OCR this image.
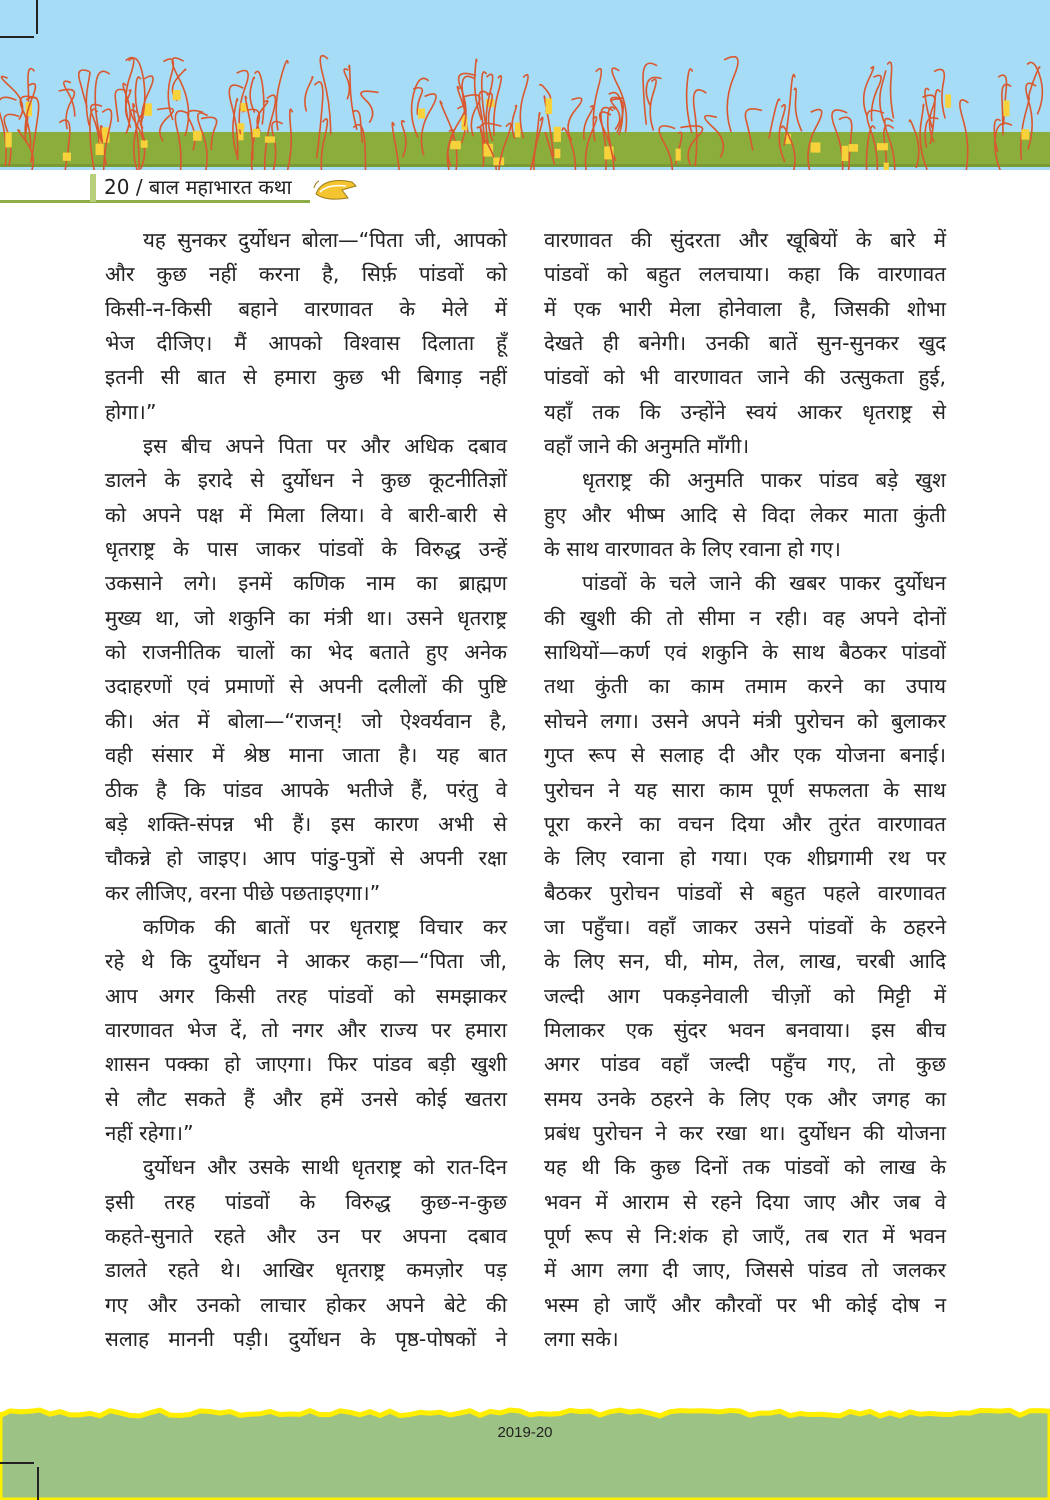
20 / बाल महाभारत कथा
यह सुनकर दुर्योधन बोला—“पिता जी, आपको
और कुछ नहीं करना है, सिर्फ़ पांडवों को
किसी-न-किसी बहाने वारणावत के मेले में
भेज दीजिए। मैं आपको विश्वास दिलाता हूँ
इतनी सी बात से हमारा कुछ भी बिगाड़ नहीं
होगा।”
इस बीच अपने पिता पर और अधिक दबाव
डालने के इरादे से दुर्योधन ने कुछ कूटनीतिज्ञों
को अपने पक्ष में मिला लिया। वे बारी-बारी से
धृतराष्ट्र के पास जाकर पांडवों के विरुद्ध उन्हें
उकसाने लगे। इनमें कणिक नाम का ब्राह्मण
मुख्य था, जो शकुनि का मंत्री था। उसने धृतराष्ट्र
को राजनीतिक चालों का भेद बताते हुए अनेक
उदाहरणों एवं प्रमाणों से अपनी दलीलों की पुष्टि
की। अंत में बोला—“राजन्! जो ऐश्वर्यवान है,
वही संसार में श्रेष्ठ माना जाता है। यह बात
ठीक है कि पांडव आपके भतीजे हैं, परंतु वे
बड़े शक्ति-संपन्न भी हैं। इस कारण अभी से
चौकन्ने हो जाइए। आप पांडु-पुत्रों से अपनी रक्षा
कर लीजिए, वरना पीछे पछताइएगा।”
कणिक की बातों पर धृतराष्ट्र विचार कर
रहे थे कि दुर्योधन ने आकर कहा—“पिता जी,
आप अगर किसी तरह पांडवों को समझाकर
वारणावत भेज दें, तो नगर और राज्य पर हमारा
शासन पक्का हो जाएगा। फिर पांडव बड़ी खुशी
से लौट सकते हैं और हमें उनसे कोई खतरा
नहीं रहेगा।”
दुर्योधन और उसके साथी धृतराष्ट्र को रात-दिन
इसी तरह पांडवों के विरुद्ध कुछ-न-कुछ
कहते-सुनाते रहते और उन पर अपना दबाव
डालते रहते थे। आखिर धृतराष्ट्र कमज़ोर पड़
गए और उनको लाचार होकर अपने बेटे की
सलाह माननी पड़ी। दुर्योधन के पृष्ठ-पोषकों ने
वारणावत की सुंदरता और खूबियों के बारे में
पांडवों को बहुत ललचाया। कहा कि वारणावत
में एक भारी मेला होनेवाला है, जिसकी शोभा
देखते ही बनेगी। उनकी बातें सुन-सुनकर खुद
पांडवों को भी वारणावत जाने की उत्सुकता हुई,
यहाँ तक कि उन्होंने स्वयं आकर धृतराष्ट्र से
वहाँ जाने की अनुमति माँगी।
धृतराष्ट्र की अनुमति पाकर पांडव बड़े खुश
हुए और भीष्म आदि से विदा लेकर माता कुंती
के साथ वारणावत के लिए रवाना हो गए।
पांडवों के चले जाने की खबर पाकर दुर्योधन
की खुशी की तो सीमा न रही। वह अपने दोनों
साथियों—कर्ण एवं शकुनि के साथ बैठकर पांडवों
तथा कुंती का काम तमाम करने का उपाय
सोचने लगा। उसने अपने मंत्री पुरोचन को बुलाकर
गुप्त रूप से सलाह दी और एक योजना बनाई।
पुरोचन ने यह सारा काम पूर्ण सफलता के साथ
पूरा करने का वचन दिया और तुरंत वारणावत
के लिए रवाना हो गया। एक शीघ्रगामी रथ पर
बैठकर पुरोचन पांडवों से बहुत पहले वारणावत
जा पहुँचा। वहाँ जाकर उसने पांडवों के ठहरने
के लिए सन, घी, मोम, तेल, लाख, चरबी आदि
जल्दी आग पकड़नेवाली चीज़ों को मिट्टी में
मिलाकर एक सुंदर भवन बनवाया। इस बीच
अगर पांडव वहाँ जल्दी पहुँच गए, तो कुछ
समय उनके ठहरने के लिए एक और जगह का
प्रबंध पुरोचन ने कर रखा था। दुर्योधन की योजना
यह थी कि कुछ दिनों तक पांडवों को लाख के
भवन में आराम से रहने दिया जाए और जब वे
पूर्ण रूप से नि:शंक हो जाएँ, तब रात में भवन
में आग लगा दी जाए, जिससे पांडव तो जलकर
भस्म हो जाएँ और कौरवों पर भी कोई दोष न
लगा सके।
2019-20
